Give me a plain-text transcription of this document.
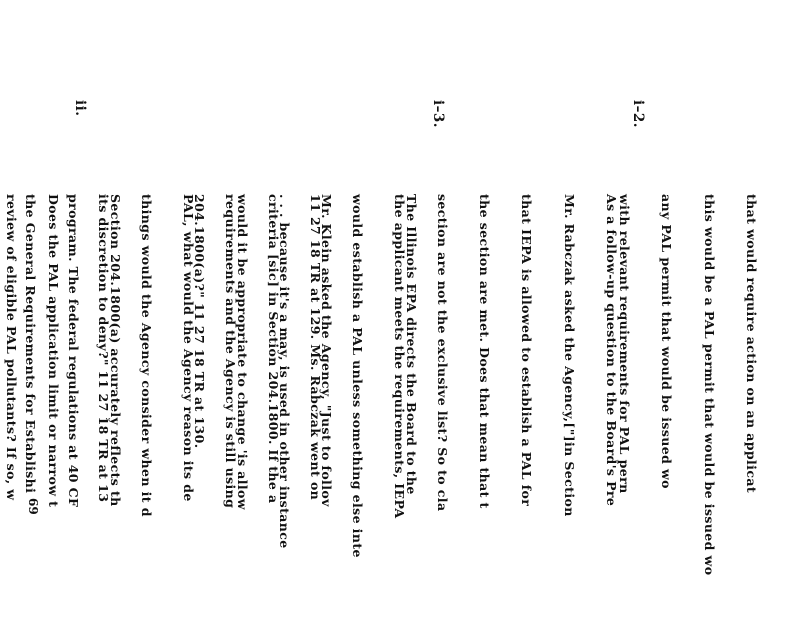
that would require action on an applicat

this would be a PAL permit that would be issued wo

any PAL permit that would be issued wo

with relevant requirements for PAL pern

i–2.

As a follow-up question to the Board's Pre

Mr. Rabczak asked the Agency,["]in Section

that IEPA is allowed to establish a PAL for

the section are met. Does that mean that t

section are not the exclusive list? So to cla

the applicant meets the requirements, IEPA

would establish a PAL unless something else inte

11 27 18 TR at 129. Ms. Rabczak went on

criteria [sic] in Section 204.1800. If the a

requirements and the Agency is still using

PAL, what would the Agency reason its de

things would the Agency consider when it d

its discretion to deny?" 11 27 18 TR at 13

i–3.

The Illinois EPA directs the Board to the

Mr. Klein asked the Agency, "Just to follov

. . . because it's a may, is used in other instance

would it be appropriate to change 'is allow

204.1800(a)?" 11 27 18 TR at 130.

Section 204.1800(a) accurately reflects th

program. The federal regulations at 40 CF

the General Requirements for Establishi

ii.

Does the PAL application limit or narrow t

review of eligible PAL pollutants? If so, w

69
